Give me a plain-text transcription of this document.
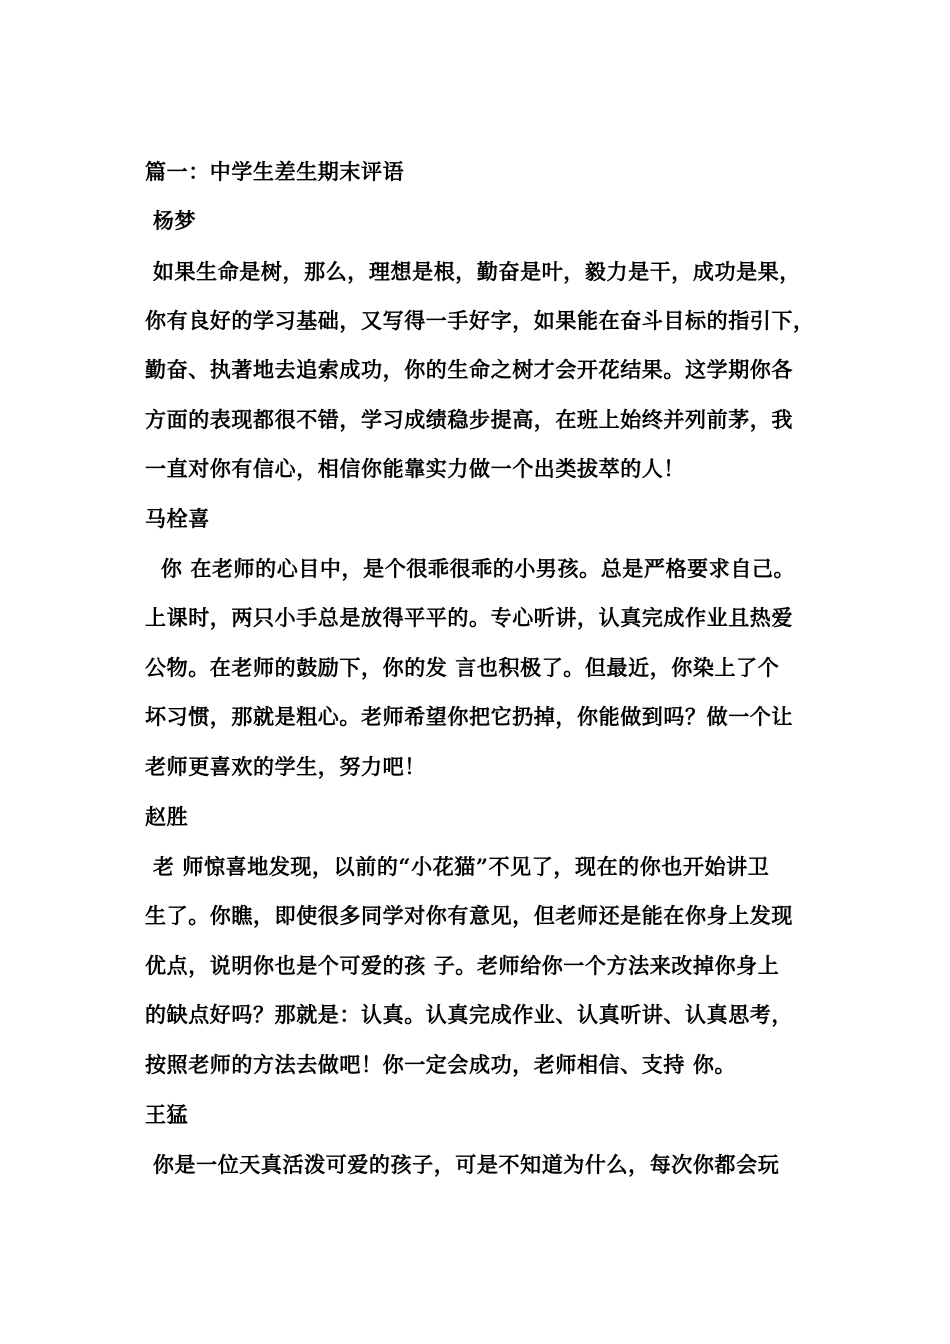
篇一：中学生差生期末评语
杨梦
如果生命是树，那么，理想是根，勤奋是叶，毅力是干，成功是果，
你有良好的学习基础，又写得一手好字，如果能在奋斗目标的指引下，
勤奋、执著地去追索成功，你的生命之树才会开花结果。这学期你各
方面的表现都很不错，学习成绩稳步提高，在班上始终并列前茅，我
一直对你有信心，相信你能靠实力做一个出类拔萃的人！
马栓喜
你 在老师的心目中，是个很乖很乖的小男孩。总是严格要求自己。
上课时，两只小手总是放得平平的。专心听讲，认真完成作业且热爱
公物。在老师的鼓励下，你的发 言也积极了。但最近，你染上了个
坏习惯，那就是粗心。老师希望你把它扔掉，你能做到吗？做一个让
老师更喜欢的学生，努力吧！
赵胜
老 师惊喜地发现，以前的“小花猫”不见了，现在的你也开始讲卫
生了。你瞧，即使很多同学对你有意见，但老师还是能在你身上发现
优点，说明你也是个可爱的孩 子。老师给你一个方法来改掉你身上
的缺点好吗？那就是：认真。认真完成作业、认真听讲、认真思考，
按照老师的方法去做吧！你一定会成功，老师相信、支持 你。
王猛
你是一位天真活泼可爱的孩子，可是不知道为什么，每次你都会玩
